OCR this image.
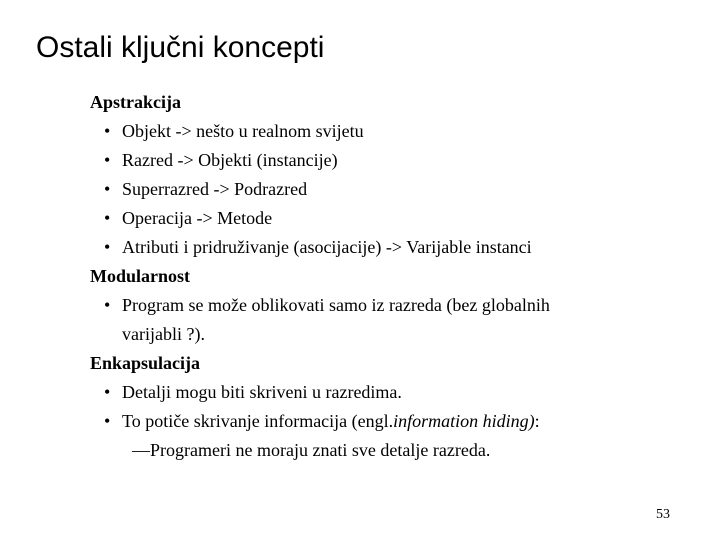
Ostali ključni koncepti
Apstrakcija
• Objekt -> nešto u realnom svijetu
• Razred -> Objekti (instancije)
• Superrazred -> Podrazred
• Operacija -> Metode
• Atributi i pridruživanje (asocijacije) -> Varijable instanci
Modularnost
• Program se može oblikovati samo iz razreda (bez globalnih
varijabli ?).
Enkapsulacija
• Detalji mogu biti skriveni u razredima.
• To potiče skrivanje informacija (engl.information hiding):
—Programeri ne moraju znati sve detalje razreda.
53
